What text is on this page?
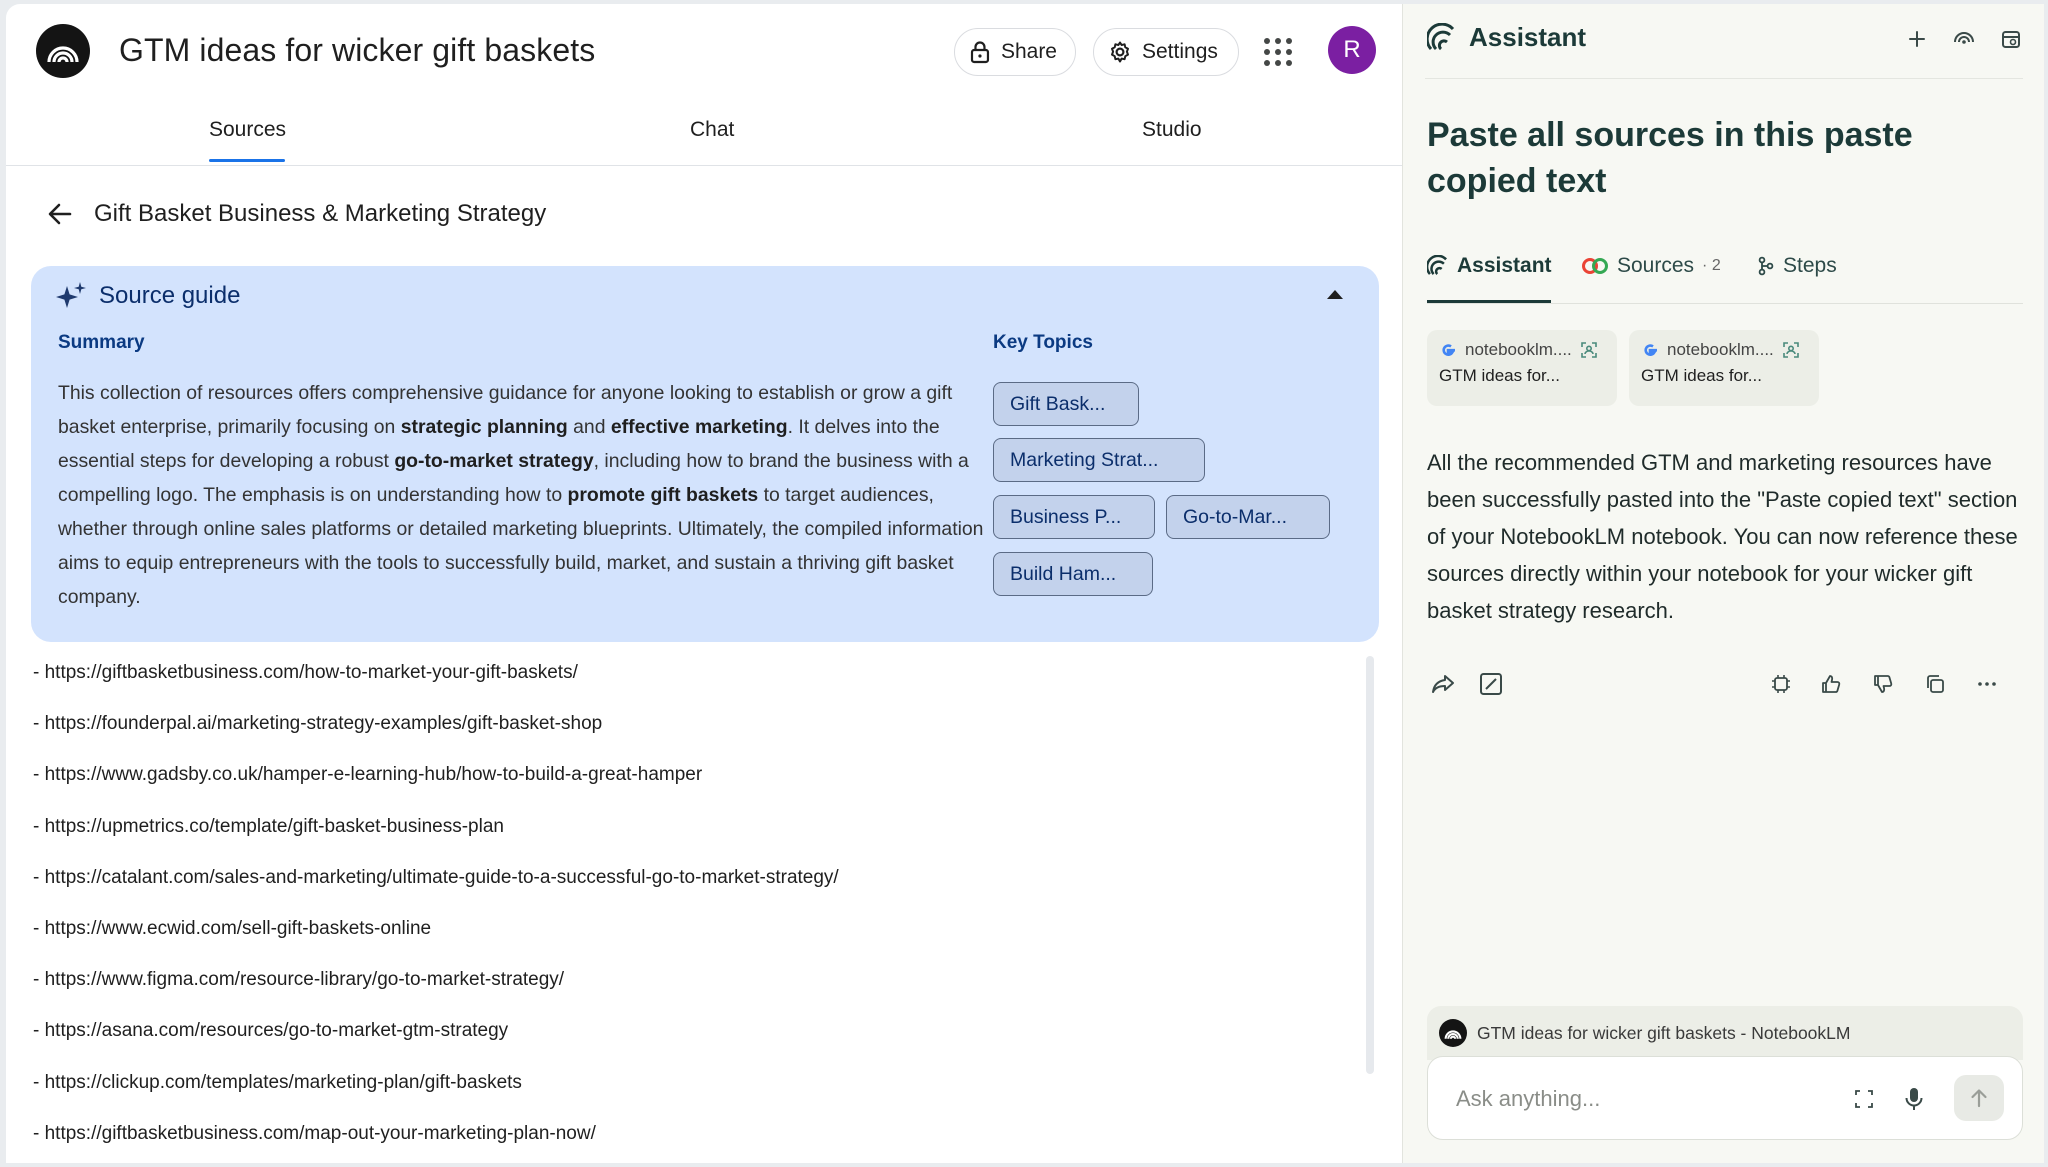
GTM ideas for wicker gift baskets	Share	Settings	R
Sources	Chat	Studio
Gift Basket Business & Marketing Strategy
Source guide
Summary
This collection of resources offers comprehensive guidance for anyone looking to establish or grow a gift basket enterprise, primarily focusing on strategic planning and effective marketing. It delves into the essential steps for developing a robust go-to-market strategy, including how to brand the business with a compelling logo. The emphasis is on understanding how to promote gift baskets to target audiences, whether through online sales platforms or detailed marketing blueprints. Ultimately, the compiled information aims to equip entrepreneurs with the tools to successfully build, market, and sustain a thriving gift basket company.
Key Topics
Gift Bask...
Marketing Strat...
Business P...	Go-to-Mar...
Build Ham...
- https://giftbasketbusiness.com/how-to-market-your-gift-baskets/
- https://founderpal.ai/marketing-strategy-examples/gift-basket-shop
- https://www.gadsby.co.uk/hamper-e-learning-hub/how-to-build-a-great-hamper
- https://upmetrics.co/template/gift-basket-business-plan
- https://catalant.com/sales-and-marketing/ultimate-guide-to-a-successful-go-to-market-strategy/
- https://www.ecwid.com/sell-gift-baskets-online
- https://www.figma.com/resource-library/go-to-market-strategy/
- https://asana.com/resources/go-to-market-gtm-strategy
- https://clickup.com/templates/marketing-plan/gift-baskets
- https://giftbasketbusiness.com/map-out-your-marketing-plan-now/
Assistant
Paste all sources in this paste copied text
Assistant	Sources · 2	Steps
notebooklm....
GTM ideas for...
notebooklm....
GTM ideas for...
All the recommended GTM and marketing resources have been successfully pasted into the "Paste copied text" section of your NotebookLM notebook. You can now reference these sources directly within your notebook for your wicker gift basket strategy research.
GTM ideas for wicker gift baskets - NotebookLM
Ask anything...
